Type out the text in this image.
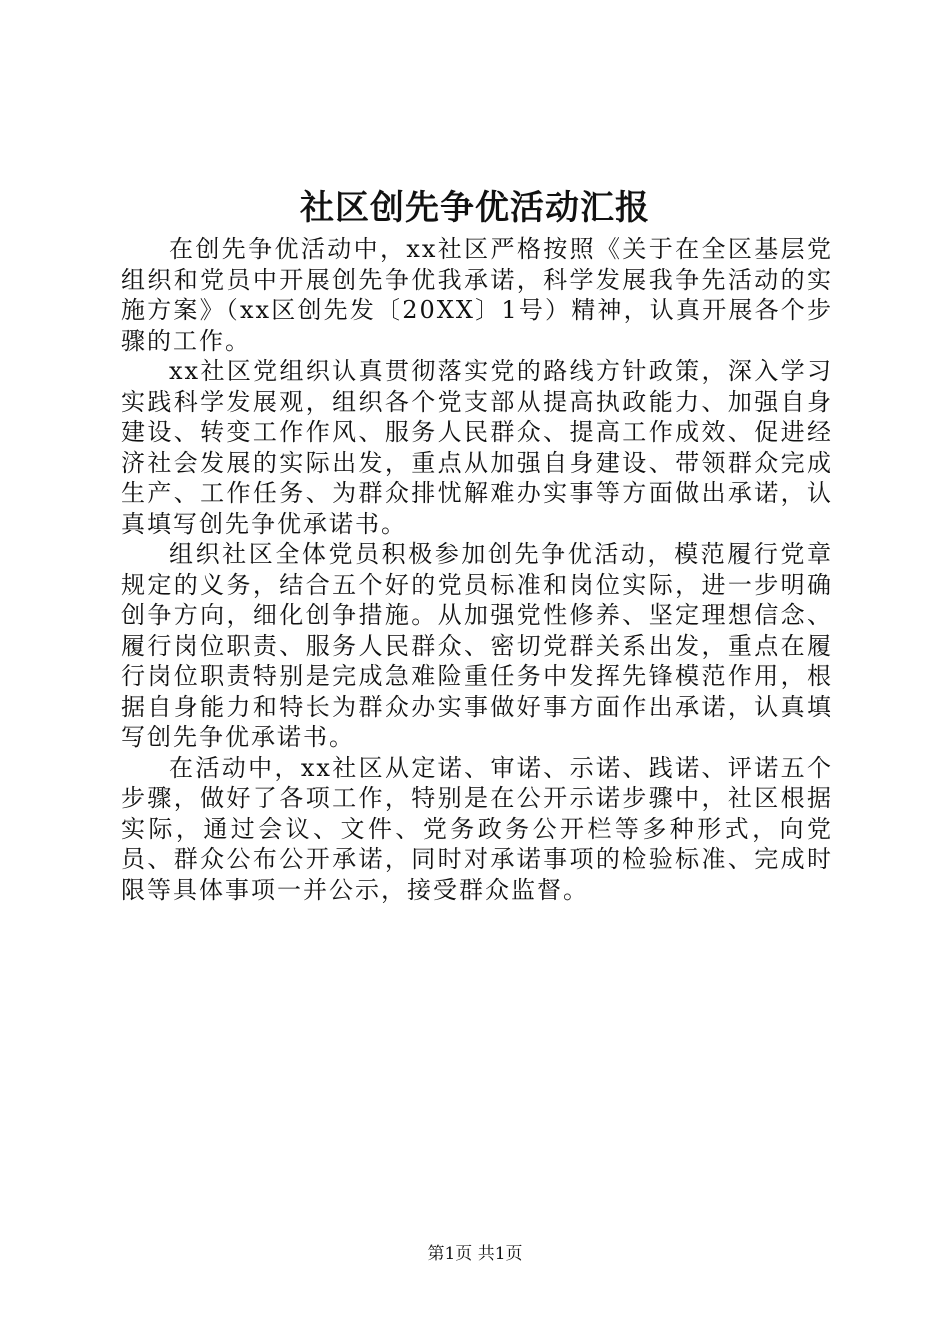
社区创先争优活动汇报

在创先争优活动中，xx社区严格按照《关于在全区基层党组织和党员中开展创先争优我承诺，科学发展我争先活动的实施方案》（xx区创先发〔20XX〕1号）精神，认真开展各个步骤的工作。

xx社区党组织认真贯彻落实党的路线方针政策，深入学习实践科学发展观，组织各个党支部从提高执政能力、加强自身建设、转变工作作风、服务人民群众、提高工作成效、促进经济社会发展的实际出发，重点从加强自身建设、带领群众完成生产、工作任务、为群众排忧解难办实事等方面做出承诺，认真填写创先争优承诺书。

组织社区全体党员积极参加创先争优活动，模范履行党章规定的义务，结合五个好的党员标准和岗位实际，进一步明确创争方向，细化创争措施。从加强党性修养、坚定理想信念、履行岗位职责、服务人民群众、密切党群关系出发，重点在履行岗位职责特别是完成急难险重任务中发挥先锋模范作用，根据自身能力和特长为群众办实事做好事方面作出承诺，认真填写创先争优承诺书。

在活动中，xx社区从定诺、审诺、示诺、践诺、评诺五个步骤，做好了各项工作，特别是在公开示诺步骤中，社区根据实际，通过会议、文件、党务政务公开栏等多种形式，向党员、群众公布公开承诺，同时对承诺事项的检验标准、完成时限等具体事项一并公示，接受群众监督。

第1页 共1页
